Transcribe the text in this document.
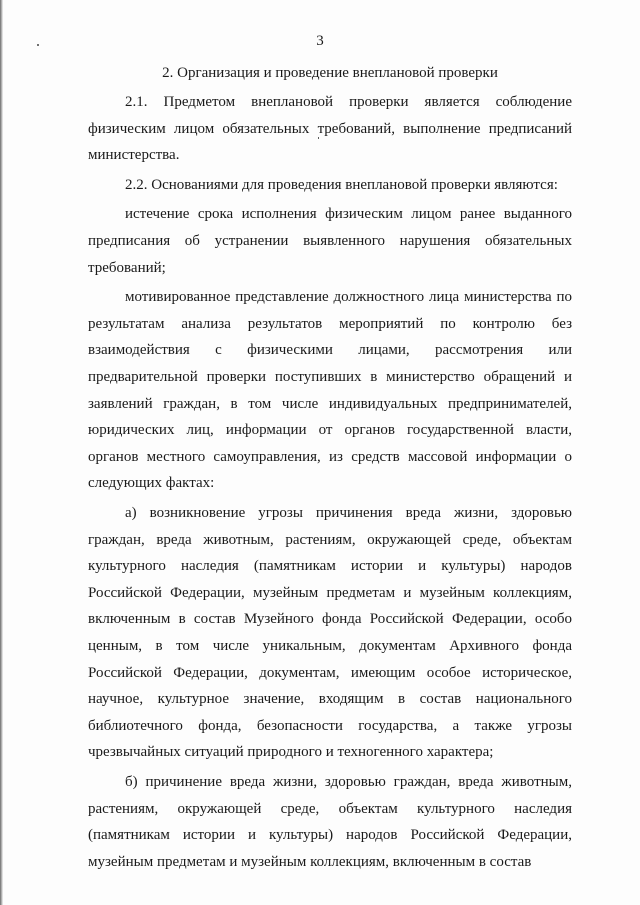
3

2. Организация и проведение внеплановой проверки

2.1. Предметом внеплановой проверки является соблюдение физическим лицом обязательных требований, выполнение предписаний министерства.

2.2. Основаниями для проведения внеплановой проверки являются:

истечение срока исполнения физическим лицом ранее выданного предписания об устранении выявленного нарушения обязательных требований;

мотивированное представление должностного лица министерства по результатам анализа результатов мероприятий по контролю без взаимодействия с физическими лицами, рассмотрения или предварительной проверки поступивших в министерство обращений и заявлений граждан, в том числе индивидуальных предпринимателей, юридических лиц, информации от органов государственной власти, органов местного самоуправления, из средств массовой информации о следующих фактах:

а) возникновение угрозы причинения вреда жизни, здоровью граждан, вреда животным, растениям, окружающей среде, объектам культурного наследия (памятникам истории и культуры) народов Российской Федерации, музейным предметам и музейным коллекциям, включенным в состав Музейного фонда Российской Федерации, особо ценным, в том числе уникальным, документам Архивного фонда Российской Федерации, документам, имеющим особое историческое, научное, культурное значение, входящим в состав национального библиотечного фонда, безопасности государства, а также угрозы чрезвычайных ситуаций природного и техногенного характера;

б) причинение вреда жизни, здоровью граждан, вреда животным, растениям, окружающей среде, объектам культурного наследия (памятникам истории и культуры) народов Российской Федерации, музейным предметам и музейным коллекциям, включенным в состав
